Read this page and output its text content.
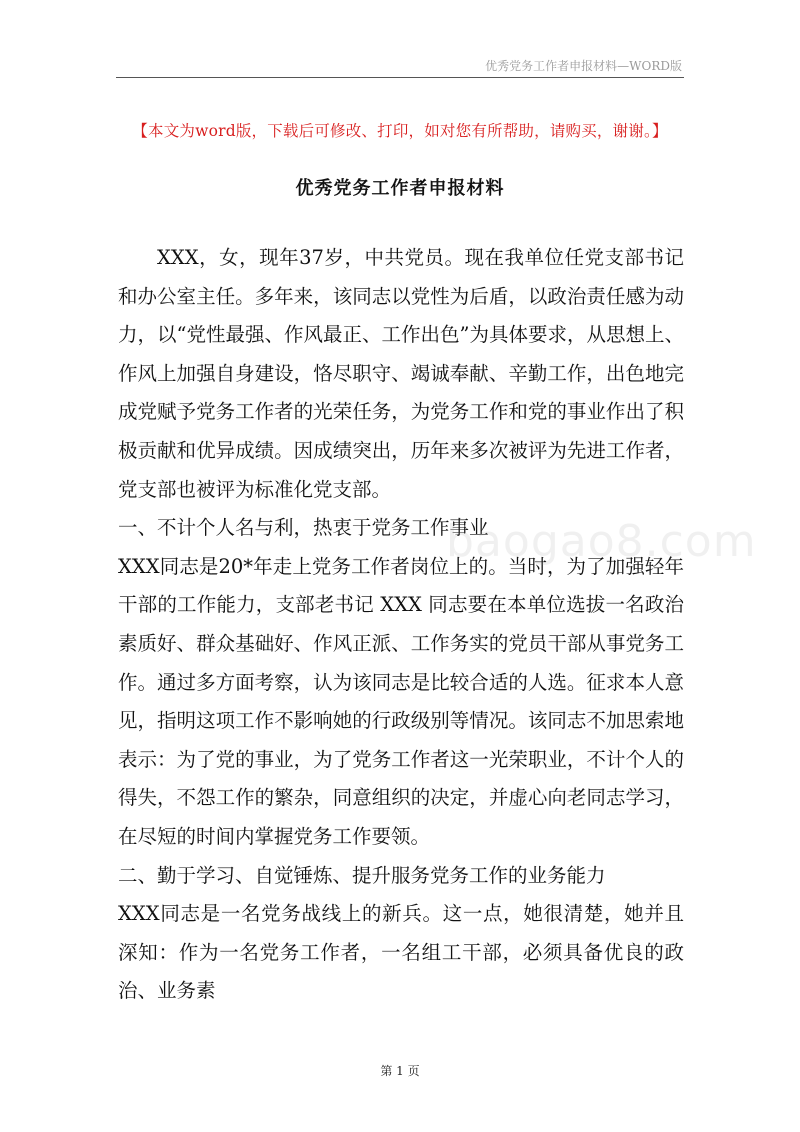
优秀党务工作者申报材料—WORD版
【本文为word版，下载后可修改、打印，如对您有所帮助，请购买，谢谢。】
优秀党务工作者申报材料

XXX，女，现年37岁，中共党员。现在我单位任党支部书记和办公室主任。多年来，该同志以党性为后盾，以政治责任感为动力，以“党性最强、作风最正、工作出色”为具体要求，从思想上、作风上加强自身建设，恪尽职守、竭诚奉献、辛勤工作，出色地完成党赋予党务工作者的光荣任务，为党务工作和党的事业作出了积极贡献和优异成绩。因成绩突出，历年来多次被评为先进工作者，党支部也被评为标准化党支部。

一、不计个人名与利，热衷于党务工作事业

XXX同志是20*年走上党务工作者岗位上的。当时，为了加强轻年干部的工作能力，支部老书记 XXX 同志要在本单位选拔一名政治素质好、群众基础好、作风正派、工作务实的党员干部从事党务工作。通过多方面考察，认为该同志是比较合适的人选。征求本人意见，指明这项工作不影响她的行政级别等情况。该同志不加思索地表示：为了党的事业，为了党务工作者这一光荣职业，不计个人的得失，不怨工作的繁杂，同意组织的决定，并虚心向老同志学习，在尽短的时间内掌握党务工作要领。

二、勤于学习、自觉锤炼、提升服务党务工作的业务能力

XXX同志是一名党务战线上的新兵。这一点，她很清楚，她并且深知：作为一名党务工作者，一名组工干部，必须具备优良的政治、业务素

baogao8.com
第 1 页
